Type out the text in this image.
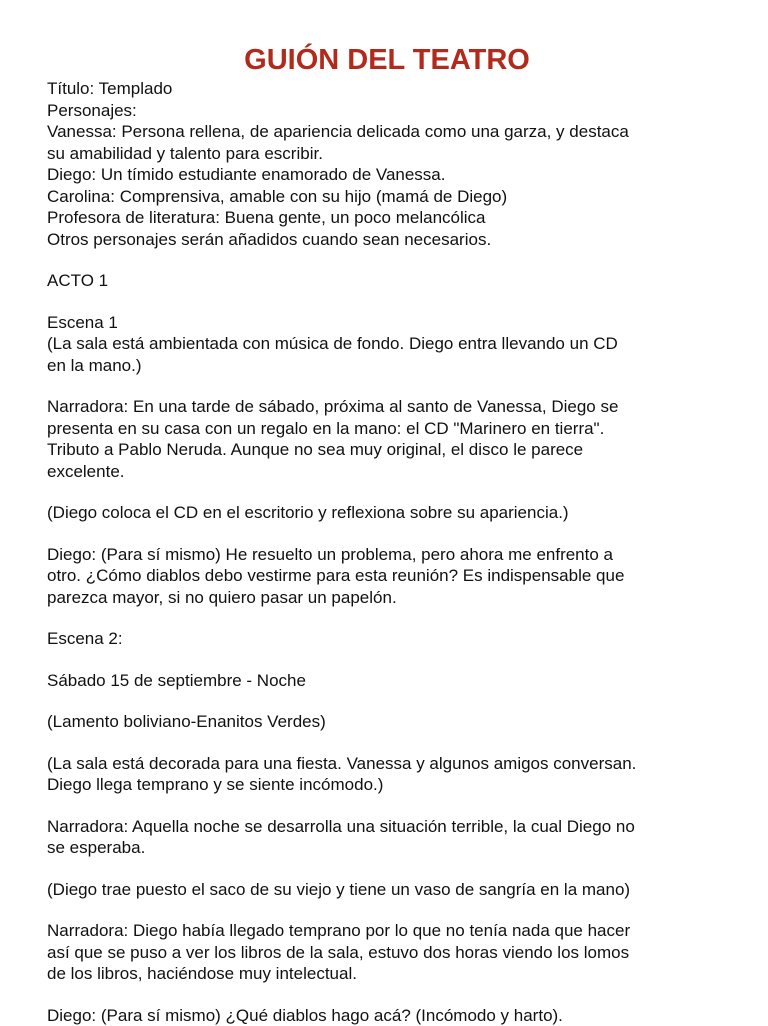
GUIÓN DEL TEATRO
Título: Templado
Personajes:
Vanessa: Persona rellena, de apariencia delicada como una garza, y destaca
su amabilidad y talento para escribir.
Diego: Un tímido estudiante enamorado de Vanessa.
Carolina: Comprensiva, amable con su hijo (mamá de Diego)
Profesora de literatura: Buena gente, un poco melancólica
Otros personajes serán añadidos cuando sean necesarios.
ACTO 1
Escena 1
(La sala está ambientada con música de fondo. Diego entra llevando un CD
en la mano.)
Narradora: En una tarde de sábado, próxima al santo de Vanessa, Diego se
presenta en su casa con un regalo en la mano: el CD "Marinero en tierra".
Tributo a Pablo Neruda. Aunque no sea muy original, el disco le parece
excelente.
(Diego coloca el CD en el escritorio y reflexiona sobre su apariencia.)
Diego: (Para sí mismo) He resuelto un problema, pero ahora me enfrento a
otro. ¿Cómo diablos debo vestirme para esta reunión? Es indispensable que
parezca mayor, si no quiero pasar un papelón.
Escena 2:
Sábado 15 de septiembre - Noche
(Lamento boliviano-Enanitos Verdes)
(La sala está decorada para una fiesta. Vanessa y algunos amigos conversan.
Diego llega temprano y se siente incómodo.)
Narradora: Aquella noche se desarrolla una situación terrible, la cual Diego no
se esperaba.
(Diego trae puesto el saco de su viejo y tiene un vaso de sangría en la mano)
Narradora: Diego había llegado temprano por lo que no tenía nada que hacer
así que se puso a ver los libros de la sala, estuvo dos horas viendo los lomos
de los libros, haciéndose muy intelectual.
Diego: (Para sí mismo) ¿Qué diablos hago acá? (Incómodo y harto).
